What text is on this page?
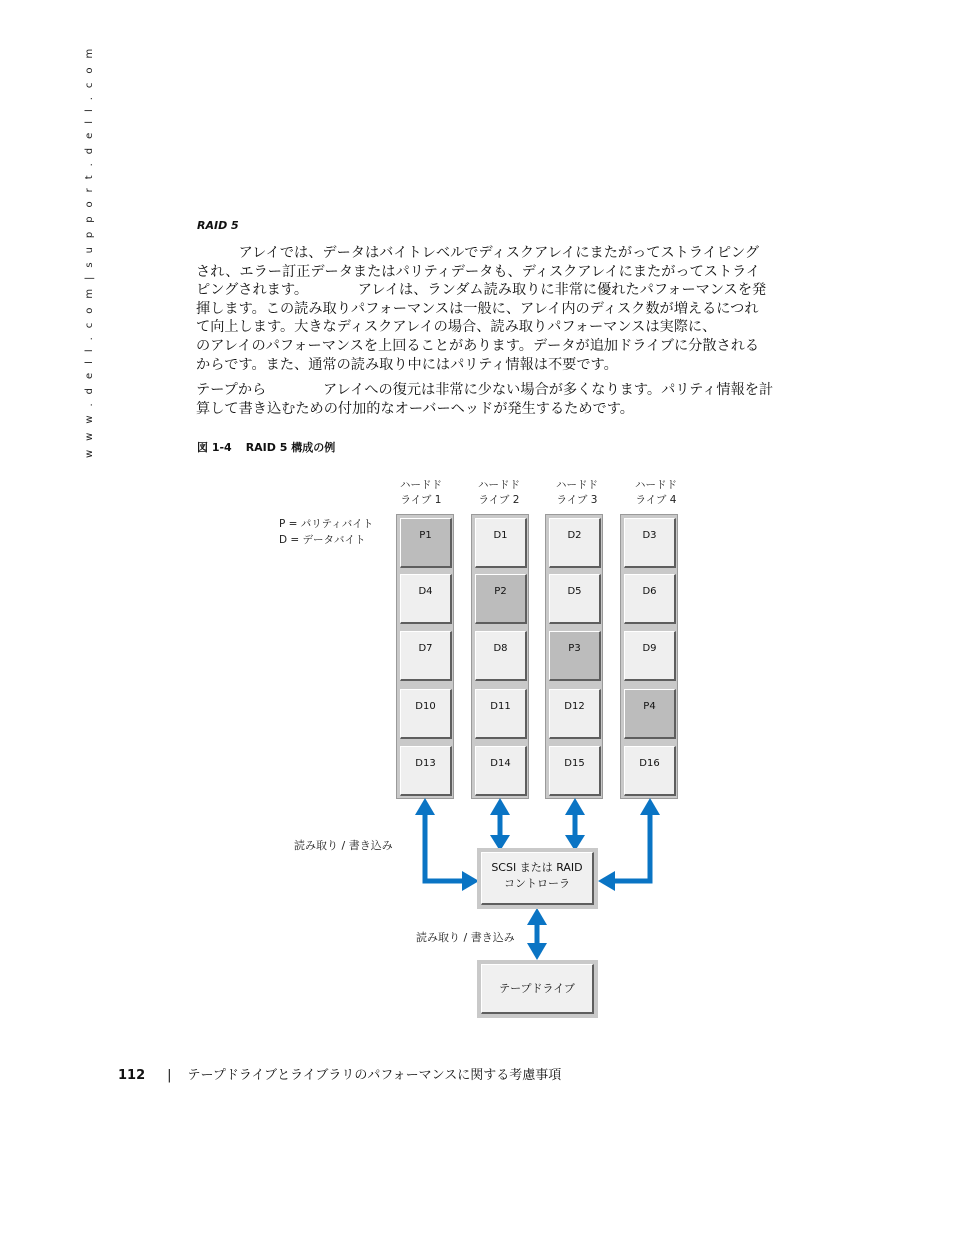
w w w . d e l l . c o m | s u p p o r t . d e l l . c o m	RAID 5
　　　アレイでは、データはバイトレベルでディスクアレイにまたがってストライピング
され、エラー訂正データまたはパリティデータも、ディスクアレイにまたがってストライ
ピングされます。　　　　アレイは、ランダム読み取りに非常に優れたパフォーマンスを発
揮します。この読み取りパフォーマンスは一般に、アレイ内のディスク数が増えるにつれ
て向上します。大きなディスクアレイの場合、読み取りパフォーマンスは実際に、
のアレイのパフォーマンスを上回ることがあります。データが追加ドライブに分散される
からです。また、通常の読み取り中にはパリティ情報は不要です。
テープから　　　　アレイへの復元は非常に少ない場合が多くなります。パリティ情報を計
算して書き込むための付加的なオーバーヘッドが発生するためです。
図 1-4 RAID 5 構成の例
ハードド
ライブ 1
ハードド
ライブ 2
ハードド
ライブ 3
ハードド
ライブ 4
P = パリティバイト
D = データバイト	P1
D4
D7
D10
D13
D1
P2
D8
D11
D14
D2
D5
P3
D12
D15
D3
D6
D9
P4
D16
読み取り / 書き込み
SCSI または RAID
コントローラ
読み取り / 書き込み
テープドライブ
112 | テープドライブとライブラリのパフォーマンスに関する考慮事項
